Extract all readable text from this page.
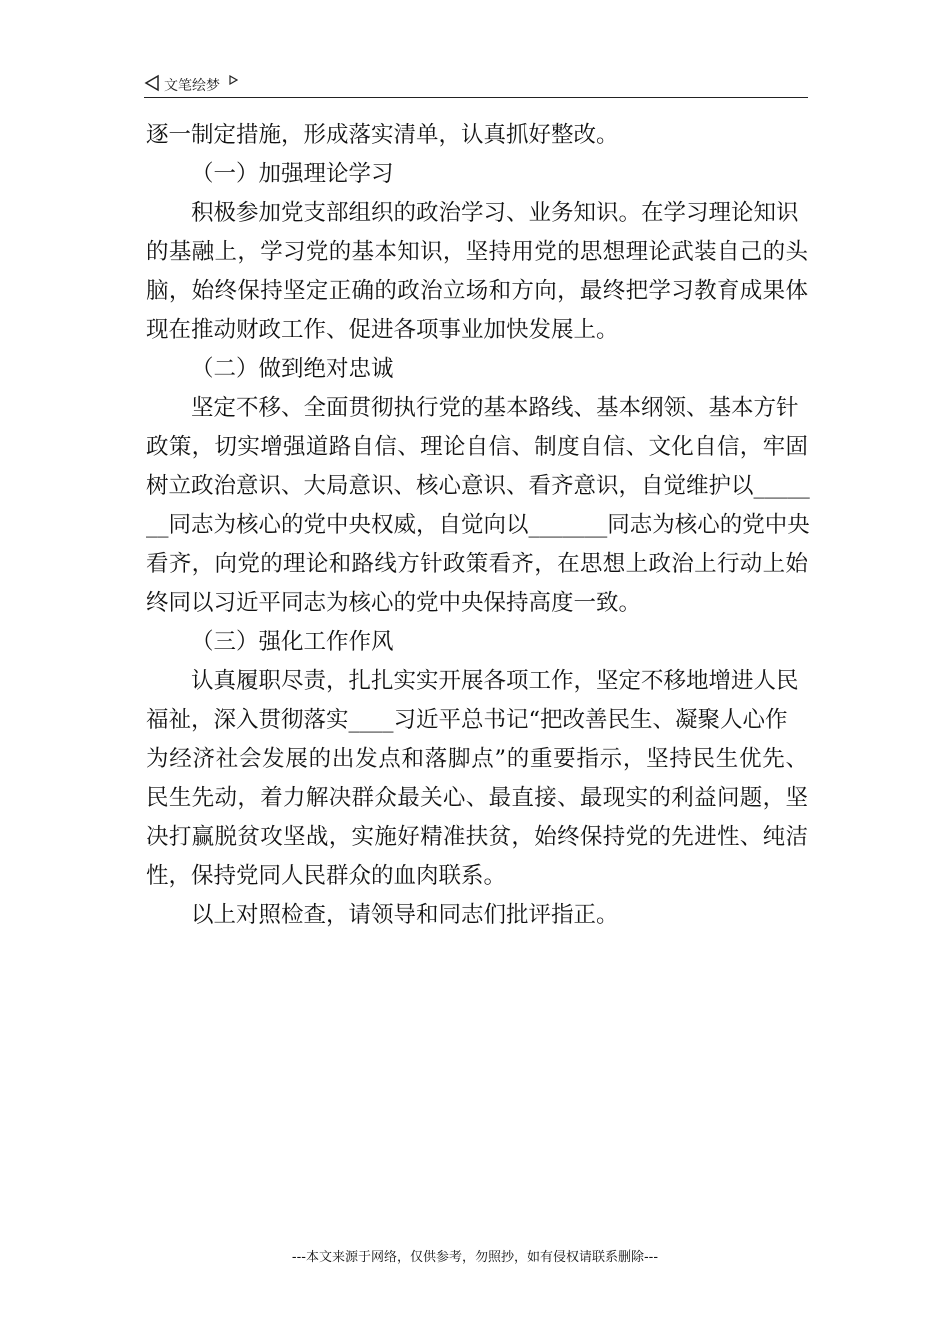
文笔绘梦
逐一制定措施，形成落实清单，认真抓好整改。
（一）加强理论学习
积极参加党支部组织的政治学习、业务知识。在学习理论知识
的基融上，学习党的基本知识，坚持用党的思想理论武装自己的头
脑，始终保持坚定正确的政治立场和方向，最终把学习教育成果体
现在推动财政工作、促进各项事业加快发展上。
（二）做到绝对忠诚
坚定不移、全面贯彻执行党的基本路线、基本纲领、基本方针
政策，切实增强道路自信、理论自信、制度自信、文化自信，牢固
树立政治意识、大局意识、核心意识、看齐意识，自觉维护以_____
__同志为核心的党中央权威，自觉向以_______同志为核心的党中央
看齐，向党的理论和路线方针政策看齐，在思想上政治上行动上始
终同以习近平同志为核心的党中央保持高度一致。
（三）强化工作作风
认真履职尽责，扎扎实实开展各项工作，坚定不移地增进人民
福祉，深入贯彻落实____习近平总书记“把改善民生、凝聚人心作
为经济社会发展的出发点和落脚点”的重要指示，坚持民生优先、
民生先动，着力解决群众最关心、最直接、最现实的利益问题，坚
决打赢脱贫攻坚战，实施好精准扶贫，始终保持党的先进性、纯洁
性，保持党同人民群众的血肉联系。
以上对照检查，请领导和同志们批评指正。
---本文来源于网络，仅供参考，勿照抄，如有侵权请联系删除---
